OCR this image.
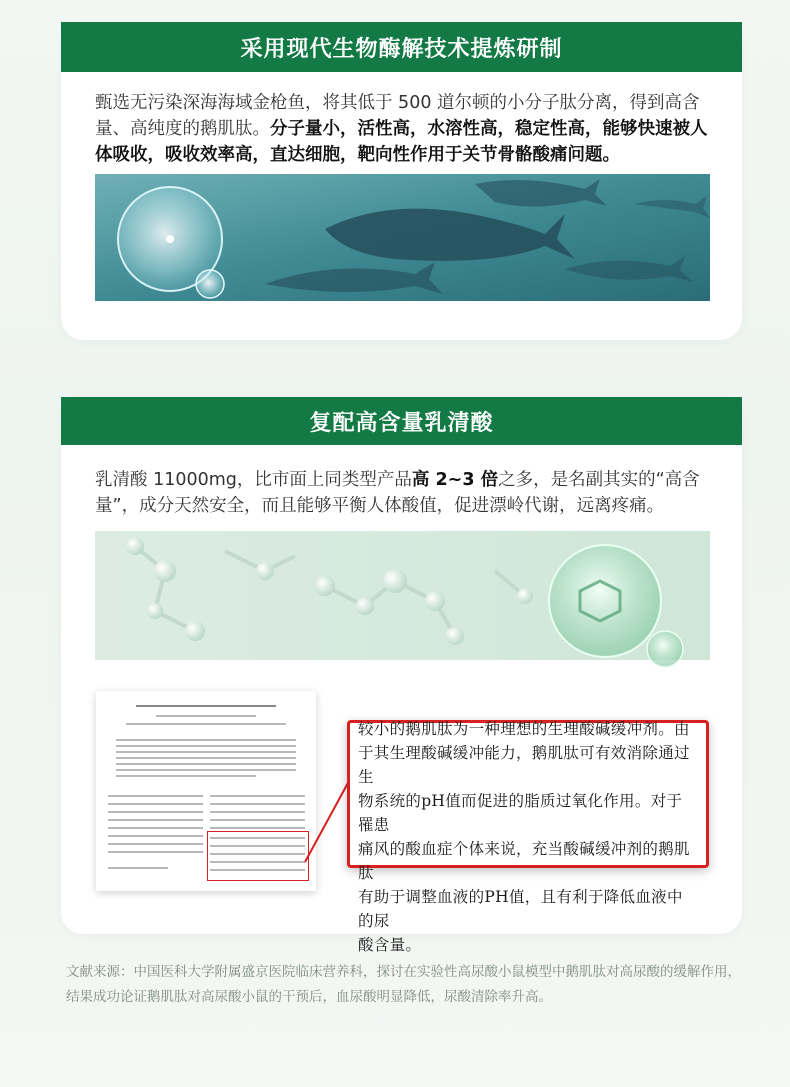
采用现代生物酶解技术提炼研制

甄选无污染深海海域金枪鱼，将其低于 500 道尔顿的小分子肽分离，得到高含量、高纯度的鹅肌肽。分子量小，活性高，水溶性高，稳定性高，能够快速被人体吸收，吸收效率高，直达细胞，靶向性作用于关节骨骼酸痛问题。

复配高含量乳清酸

乳清酸 11000mg，比市面上同类型产品高 2~3 倍之多，是名副其实的“高含量”，成分天然安全，而且能够平衡人体酸值，促进漂岭代谢，远离疼痛。

较小的鹅肌肽为一种理想的生理酸碱缓冲剂。由

于其生理酸碱缓冲能力，鹅肌肽可有效消除通过生

物系统的pH值而促进的脂质过氧化作用。对于罹患

痛风的酸血症个体来说，充当酸碱缓冲剂的鹅肌肽

有助于调整血液的PH值，且有利于降低血液中的尿

酸含量。

文献来源：中国医科大学附属盛京医院临床营养科，探讨在实验性高尿酸小鼠模型中鹅肌肽对高尿酸的缓解作用，结果成功论证鹅肌肽对高尿酸小鼠的干预后，血尿酸明显降低，尿酸清除率升高。
